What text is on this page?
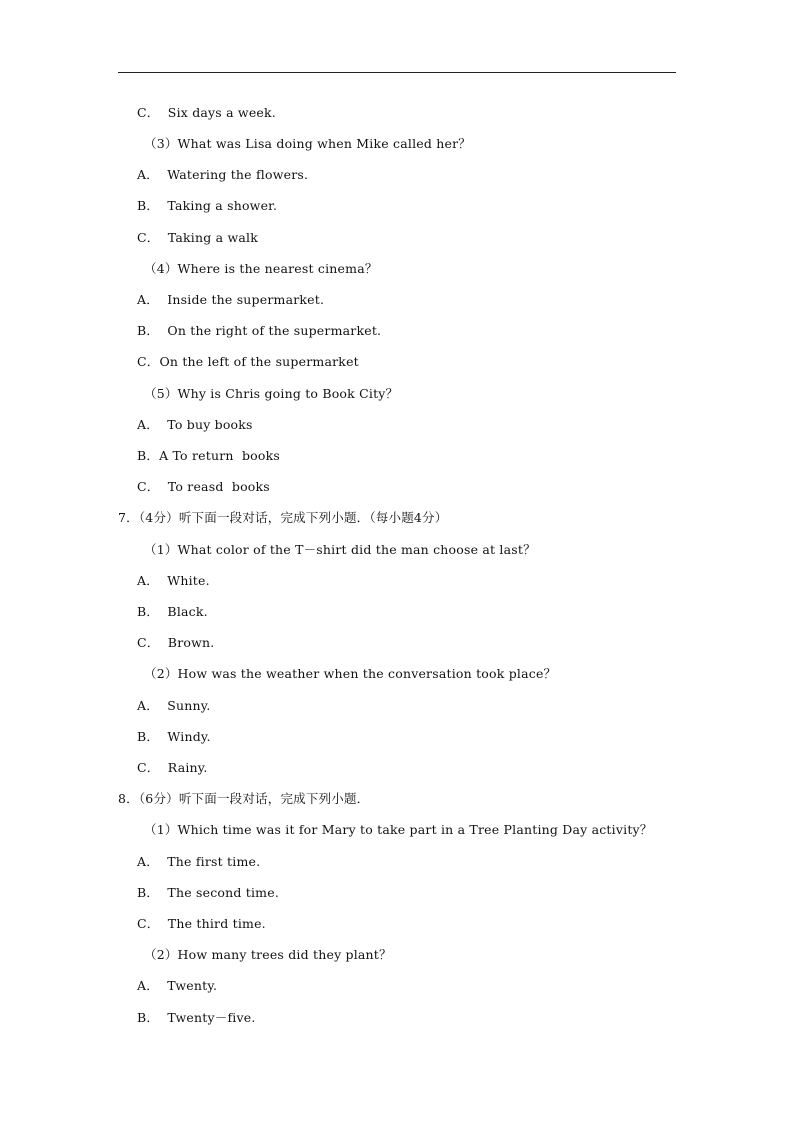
C．  Six days a week.
（3）What was Lisa doing when Mike called her？
A．  Watering the flowers.
B．  Taking a shower.
C．  Taking a walk
（4）Where is the nearest cinema？
A．  Inside the supermarket.
B．  On the right of the supermarket.
C．On the left of the supermarket
（5）Why is Chris going to Book City？
A．  To buy books
B．A To return  books
C．  To reasd  books
7．（4分）听下面一段对话，完成下列小题．（每小题4分）
（1）What color of the T－shirt did the man choose at last？
A．  White.
B．  Black.
C．  Brown.
（2）How was the weather when the conversation took place？
A．  Sunny.
B．  Windy.
C．  Rainy.
8．（6分）听下面一段对话，完成下列小题．
（1）Which time was it for Mary to take part in a Tree Planting Day activity？
A．  The first time.
B．  The second time.
C．  The third time.
（2）How many trees did they plant？
A．  Twenty.
B．  Twenty－five.
